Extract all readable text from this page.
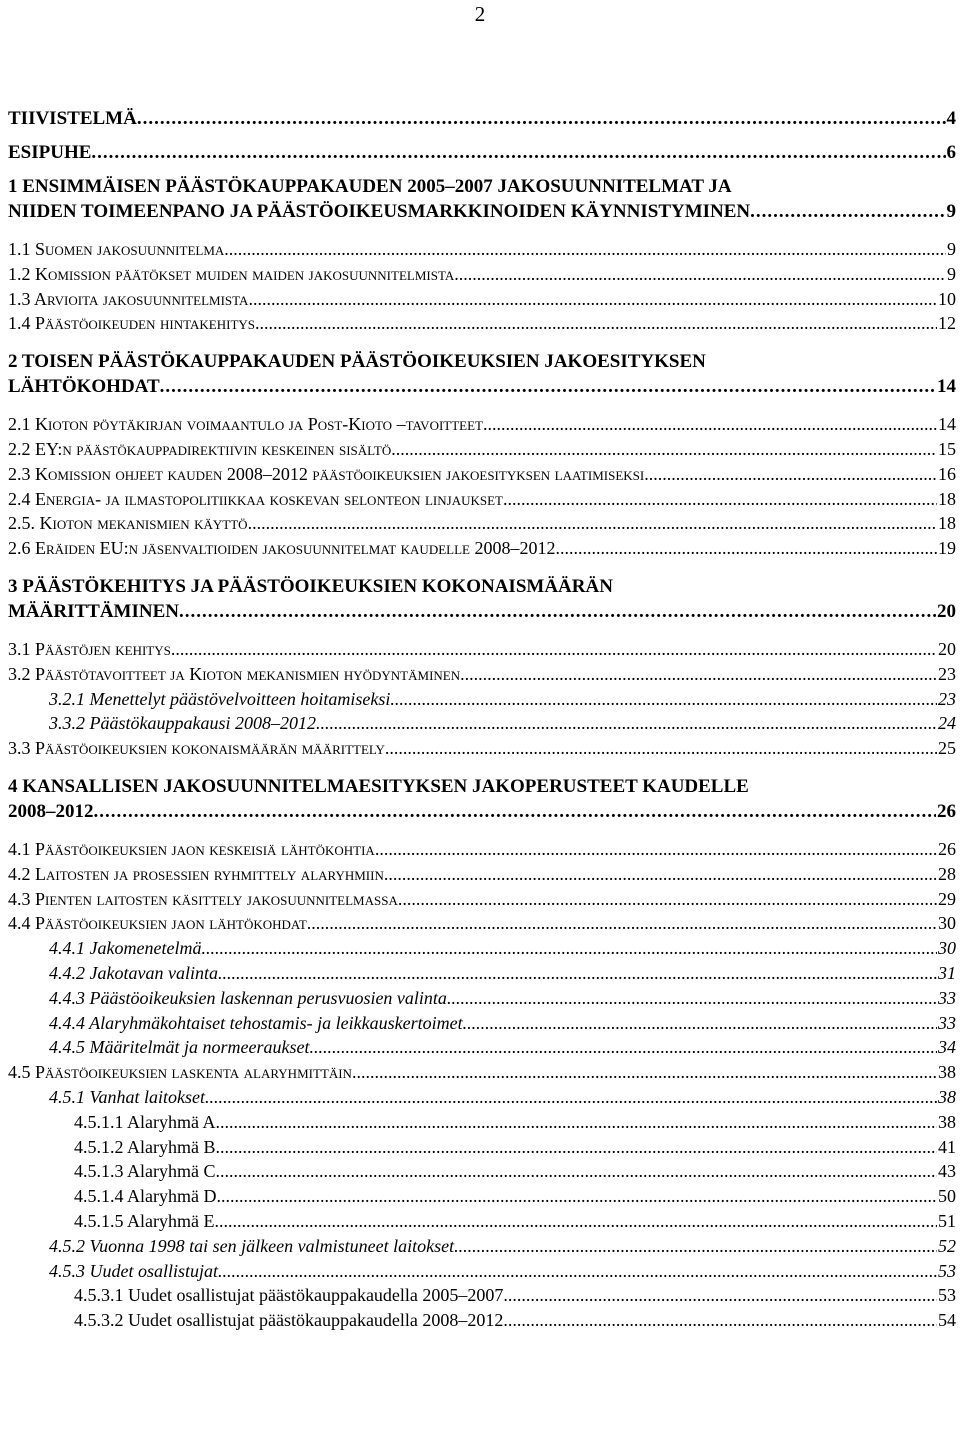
2
TIIVISTELMÄ .....	4
ESIPUHE .....	6
1 ENSIMMÄISEN PÄÄSTÖKAUPPAKAUDEN 2005–2007 JAKOSUUNNITELMAT JA
NIIDEN TOIMEENPANO JA PÄÄSTÖOIKEUSMARKKINOIDEN KÄYNNISTYMINEN .....	9
1.1 Suomen jakosuunnitelma .....	9
1.2 Komission päätökset muiden maiden jakosuunnitelmista .....	9
1.3 Arvioita jakosuunnitelmista .....	10
1.4 Päästöoikeuden hintakehitys .....	12
2 TOISEN PÄÄSTÖKAUPPAKAUDEN PÄÄSTÖOIKEUKSIEN JAKOESITYKSEN
LÄHTÖKOHDAT .....	14
2.1 Kioton pöytäkirjan voimaantulo ja Post-Kioto –tavoitteet .....	14
2.2 EY:n päästökauppadirektiivin keskeinen sisältö .....	15
2.3 Komission ohjeet kauden 2008–2012 päästöoikeuksien jakoesityksen laatimiseksi .....	16
2.4 Energia- ja ilmastopolitiikkaa koskevan selonteon linjaukset .....	18
2.5. Kioton mekanismien käyttö .....	18
2.6 Eräiden EU:n jäsenvaltioiden jakosuunnitelmat kaudelle 2008–2012 .....	19
3 PÄÄSTÖKEHITYS JA PÄÄSTÖOIKEUKSIEN KOKONAISMÄÄRÄN
MÄÄRITTÄMINEN .....	20
3.1 Päästöjen kehitys .....	20
3.2 Päästötavoitteet ja Kioton mekanismien hyödyntäminen .....	23
3.2.1 Menettelyt päästövelvoitteen hoitamiseksi .....	23
3.3.2 Päästökauppakausi 2008–2012 .....	24
3.3 Päästöoikeuksien kokonaismäärän määrittely .....	25
4 KANSALLISEN JAKOSUUNNITELMAESITYKSEN JAKOPERUSTEET KAUDELLE
2008–2012 .....	26
4.1 Päästöoikeuksien jaon keskeisiä lähtökohtia .....	26
4.2 Laitosten ja prosessien ryhmittely alaryhmiin .....	28
4.3 Pienten laitosten käsittely jakosuunnitelmassa .....	29
4.4 Päästöoikeuksien jaon lähtökohdat .....	30
4.4.1 Jakomenetelmä .....	30
4.4.2 Jakotavan valinta .....	31
4.4.3 Päästöoikeuksien laskennan perusvuosien valinta .....	33
4.4.4 Alaryhmäkohtaiset tehostamis- ja leikkauskertoimet .....	33
4.4.5 Määritelmät ja normeeraukset .....	34
4.5 Päästöoikeuksien laskenta alaryhmittäin .....	38
4.5.1 Vanhat laitokset .....	38
4.5.1.1 Alaryhmä A .....	38
4.5.1.2 Alaryhmä B .....	41
4.5.1.3 Alaryhmä C .....	43
4.5.1.4 Alaryhmä D .....	50
4.5.1.5 Alaryhmä E .....	51
4.5.2 Vuonna 1998 tai sen jälkeen valmistuneet laitokset .....	52
4.5.3 Uudet osallistujat .....	53
4.5.3.1 Uudet osallistujat päästökauppakaudella 2005–2007 .....	53
4.5.3.2 Uudet osallistujat päästökauppakaudella 2008–2012 .....	54
